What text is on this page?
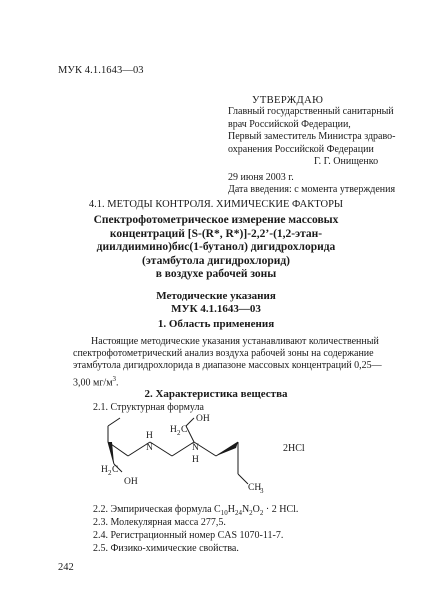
МУК 4.1.1643—03
УТВЕРЖДАЮ
Главный государственный санитарный
врач Российской Федерации,
Первый заместитель Министра здраво-
охранения Российской Федерации
Г. Г. Онищенко
29 июня 2003 г.
Дата введения: с момента утверждения
4.1. МЕТОДЫ КОНТРОЛЯ. ХИМИЧЕСКИЕ ФАКТОРЫ
Спектрофотометрическое измерение массовых
концентраций [S-(R*, R*)]-2,2’-(1,2-этан-
диилдиимино)бис(1-бутанол) дигидрохлорида
(этамбутола дигидрохлорид)
в воздухе рабочей зоны
Методические указания
МУК 4.1.1643—03
1. Область применения
Настоящие методические указания устанавливают количественный
спектрофотометрический анализ воздуха рабочей зоны на содержание
этамбутола дигидрохлорида в диапазоне массовых концентраций 0,25—
3,00 $мг/м^3$.
2. Характеристика вещества
2.1. Структурная формула
OH
H 2 C
H
N	N
H
H 2 C
OH
CH
3
2HCl
2.2. Эмпирическая формула $C_{10}H_{24}N_2O_2 \cdot 2$ HCl.
2.3. Молекулярная масса 277,5.
2.4. Регистрационный номер CAS 1070-11-7.
2.5. Физико-химические свойства.
242
